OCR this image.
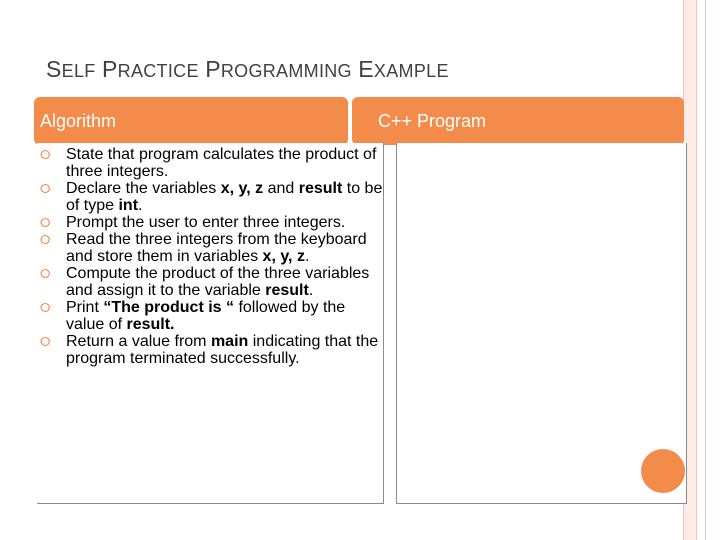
SELF PRACTICE PROGRAMMING EXAMPLE
Algorithm	C++ Program
⭘ State that program calculates the product of three integers.
⭘ Declare the variables x, y, z and result to be of type int.
⭘ Prompt the user to enter three integers.
⭘ Read the three integers from the keyboard and store them in variables x, y, z.
⭘ Compute the product of the three variables and assign it to the variable result.
⭘ Print “The product is “ followed by the value of result.
⭘ Return a value from main indicating that the program terminated successfully.
